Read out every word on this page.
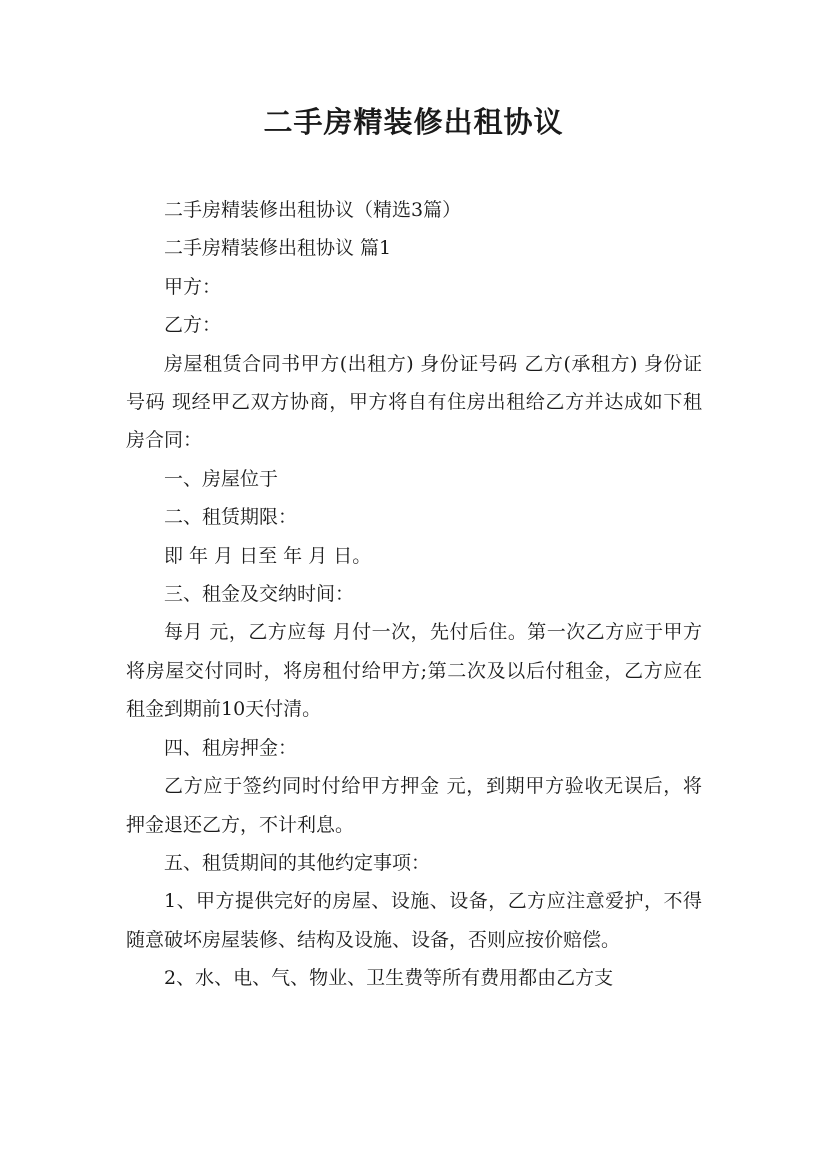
二手房精装修出租协议

二手房精装修出租协议（精选3篇）

二手房精装修出租协议 篇1

甲方：

乙方：

房屋租赁合同书甲方(出租方) 身份证号码 乙方(承租方) 身份证号码 现经甲乙双方协商，甲方将自有住房出租给乙方并达成如下租房合同：

一、房屋位于

二、租赁期限：

即 年 月 日至 年 月 日。

三、租金及交纳时间：

每月 元，乙方应每 月付一次，先付后住。第一次乙方应于甲方将房屋交付同时，将房租付给甲方;第二次及以后付租金，乙方应在租金到期前10天付清。

四、租房押金：

乙方应于签约同时付给甲方押金 元，到期甲方验收无误后，将押金退还乙方，不计利息。

五、租赁期间的其他约定事项：

1、甲方提供完好的房屋、设施、设备，乙方应注意爱护，不得随意破坏房屋装修、结构及设施、设备，否则应按价赔偿。

2、水、电、气、物业、卫生费等所有费用都由乙方支
